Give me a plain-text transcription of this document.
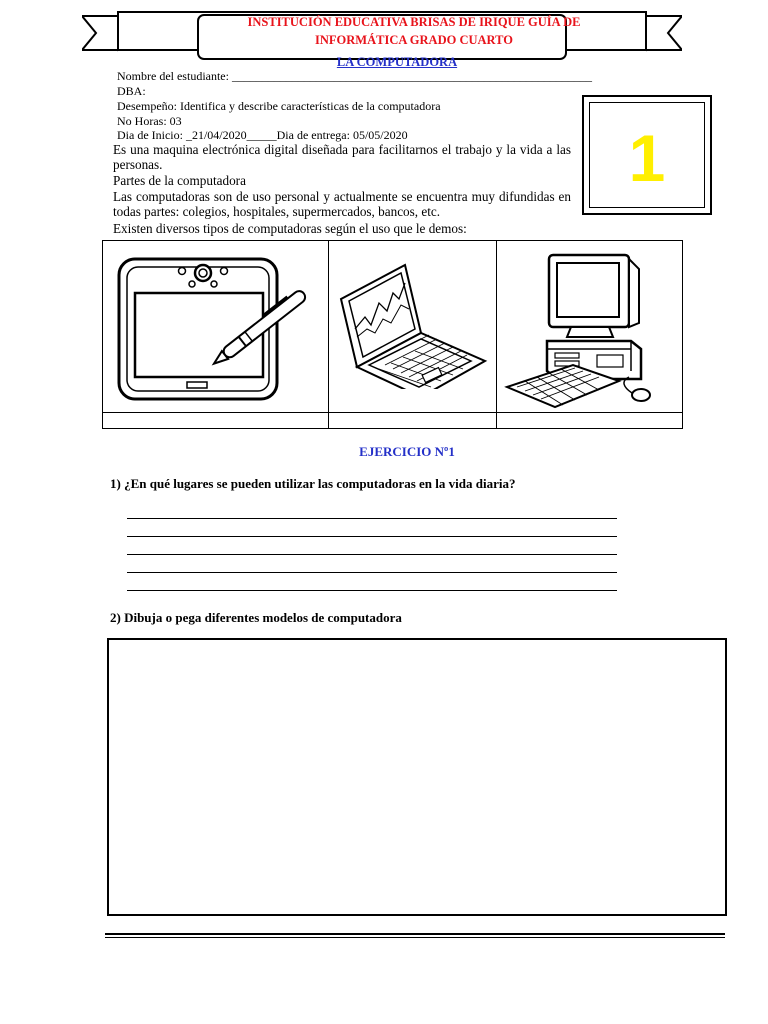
INSTITUCIÓN EDUCATIVA BRISAS DE IRIQUE GUÍA DE
INFORMÁTICA GRADO CUARTO
LA COMPUTADORA
Nombre del estudiante: ____________________________________________________________
DBA:
Desempeño: Identifica y describe características de la computadora
No Horas: 03
Dia de Inicio: _21/04/2020_____Dia de entrega: 05/05/2020	1
Es una maquina electrónica digital diseñada para facilitarnos el trabajo y la vida a las personas.
Partes de la computadora
Las computadoras son de uso personal y actualmente se encuentra muy difundidas en todas partes: colegios, hospitales, supermercados, bancos, etc.
Existen diversos tipos de computadoras según el uso que le demos:
EJERCICIO Nº1
1) ¿En qué lugares se pueden utilizar las computadoras en la vida diaria?
2) Dibuja o pega diferentes modelos de computadora
